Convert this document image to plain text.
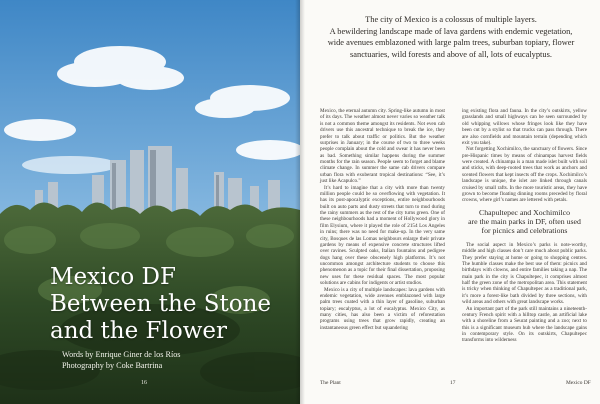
Mexico DF
Between the Stone
and the Flower
Words by Enrique Giner de los Ríos
Photography by Coke Bartrina
16
The city of Mexico is a colossus of multiple layers.
A bewildering landscape made of lava gardens with endemic vegetation,
wide avenues emblazoned with large palm trees, suburban topiary, flower
sanctuaries, wild forests and above of all, lots of eucalyptus.

Mexico, the eternal autumn city. Spring-like autumn in most of its days. The weather almost never varies so weather talk is not a common theme amongst its residents. Not even cab drivers use this ancestral technique to break the ice, they prefer to talk about traffic or politics. But the weather surprises in January; in the course of two to three weeks people complain about the cold and swear it has never been as bad. Something similar happens during the summer months for the rain season. People seem to forget and blame climate change. In summer the same cab drivers compare urban flora with exuberant tropical destinations: “See, it’s just like Acapulco.”

It’s hard to imagine that a city with more than twenty million people could be so overflowing with vegetation. It has its post-apocalyptic exceptions, entire neighbourhoods built on auto parts and dusty streets that turn to mud during the rainy summers as the rest of the city turns green. One of these neighbourhoods had a moment of Hollywood glory in film Elysium, where it played the role of 2154 Los Angeles in ruins; there was no need for make-up. In the very same city, Bosques de las Lomas neighbours enlarge their private gardens by means of expensive concrete structures lifted over ravines. Sculpted oaks, Italian fountains and pedigree dogs hang over these obscenely high platforms. It’s not uncommon amongst architecture students to choose this phenomenon as a topic for their final dissertation, proposing new uses for these residual spaces. The most popular solutions are cabins for indigents or artist studios.

Mexico is a city of multiple landscapes: lava gardens with endemic vegetation, wide avenues emblazoned with large palm trees coated with a thin layer of gasoline, suburban topiary; eucalyptus, a lot of eucalyptus. Mexico City, as many cities, has also been a victim of reforestation programs using trees that grow rapidly, creating an instantaneous green effect but squandering

ing existing flora and fauna. In the city’s outskirts, yellow grasslands and small highways can be seen surrounded by old whipping willows whose fringes look like they have been cut by a stylist so that trucks can pass through. There are also cornfields and mountain terrain (depending which exit you take).

Not forgetting Xochimilco, the sanctuary of flowers. Since pre-Hispanic times by means of chinampas harvest fields were created. A chinampa is a man made islet built with soil and sticks, with deep-rooted trees that work as anchors and scented flowers that kept insects off the crops. Xochimilco’s landscape is unique, the islet are linked through canals cruised by small rafts. In the more touristic areas, they have grown to become floating dinning rooms preceded by floral crowns, where girl’s names are lettered with petals.

Chapultepec and Xochimilco
are the main parks in DF, often used
for picnics and celebrations

The social aspect in Mexico’s parks is note-worthy, middle and high classes don’t care much about public parks. They prefer staying at home or going to shopping centres. The humble classes make the best use of them: picnics and birthdays with clowns, and entire families taking a nap. The main park in the city is Chapultepec, it comprises almost half the green zone of the metropolitan area. This statement is tricky when thinking of Chapultepec as a traditional park, it’s more a forest-like bath divided by three sections, with wild areas and others with great landscape works.

An important part of the park still maintains a nineteenth-century French spirit with a hilltop castle, an artificial lake with a shoreline from a Seurat painting and a zoo; next to this is a significant museum hub where the landscape gains in contemporary style. On its outskirts, Chapultepec transforms into wilderness

The Plant	17	Mexico DF
